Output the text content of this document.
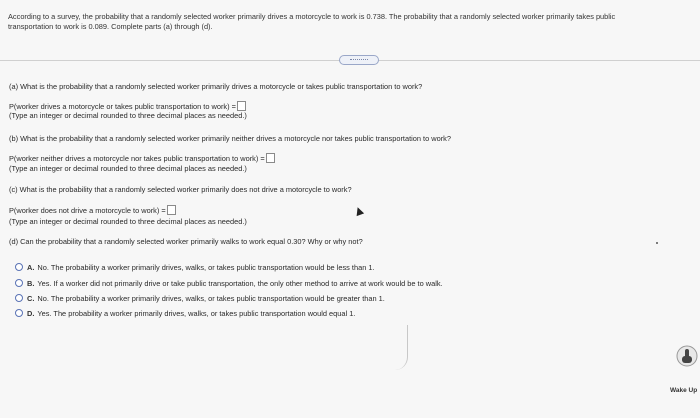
According to a survey, the probability that a randomly selected worker primarily drives a motorcycle to work is 0.738. The probability that a randomly selected worker primarily takes public
transportation to work is 0.089. Complete parts (a) through (d).
(a) What is the probability that a randomly selected worker primarily drives a motorcycle or takes public transportation to work?
P(worker drives a motorcycle or takes public transportation to work) =
(Type an integer or decimal rounded to three decimal places as needed.)
(b) What is the probability that a randomly selected worker primarily neither drives a motorcycle nor takes public transportation to work?
P(worker neither drives a motorcycle nor takes public transportation to work) =
(Type an integer or decimal rounded to three decimal places as needed.)
(c) What is the probability that a randomly selected worker primarily does not drive a motorcycle to work?
P(worker does not drive a motorcycle to work) =
(Type an integer or decimal rounded to three decimal places as needed.)
(d) Can the probability that a randomly selected worker primarily walks to work equal 0.30? Why or why not?
A. No. The probability a worker primarily drives, walks, or takes public transportation would be less than 1.
B. Yes. If a worker did not primarily drive or take public transportation, the only other method to arrive at work would be to walk.
C. No. The probability a worker primarily drives, walks, or takes public transportation would be greater than 1.
D. Yes. The probability a worker primarily drives, walks, or takes public transportation would equal 1.
Wake Up
